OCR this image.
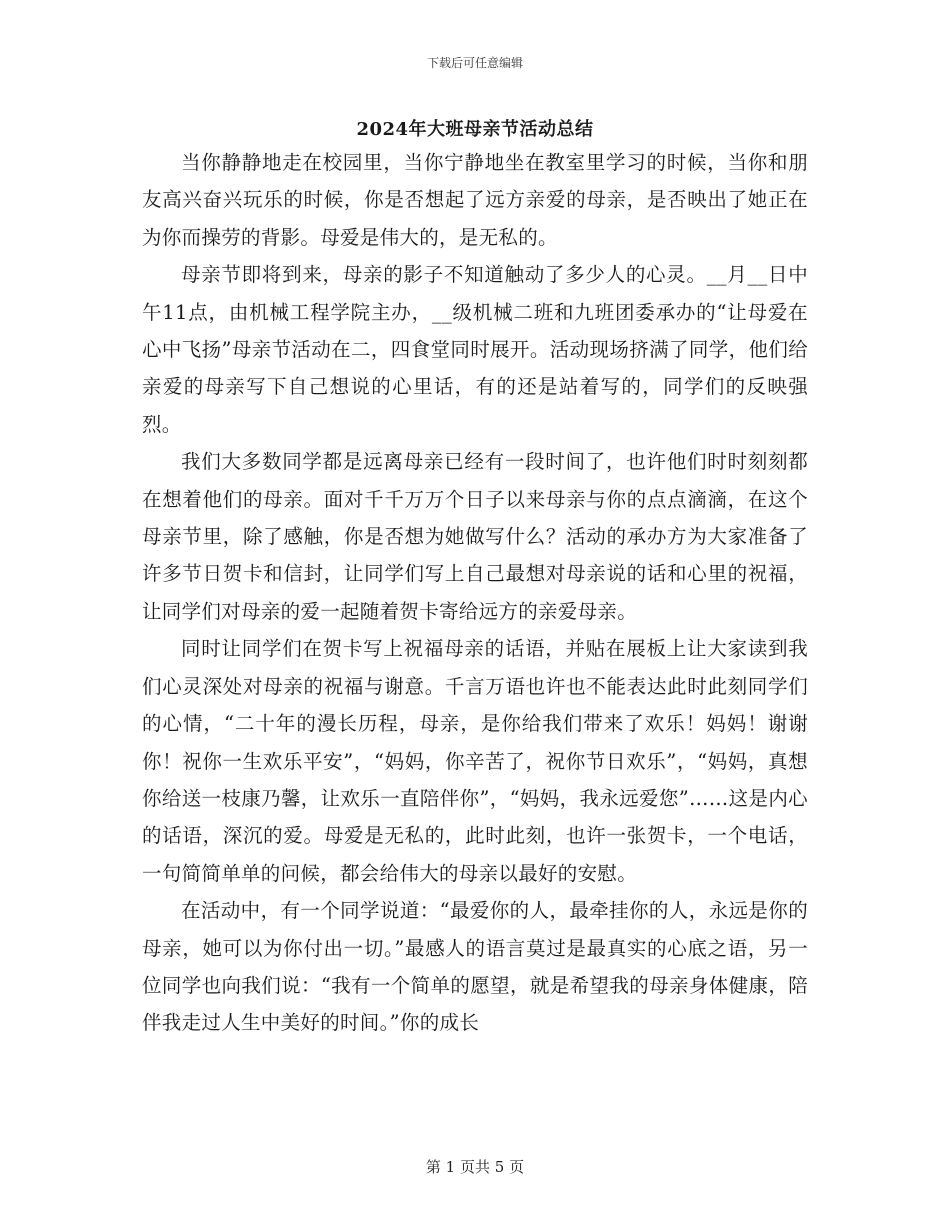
下载后可任意编辑
2024年大班母亲节活动总结

当你静静地走在校园里，当你宁静地坐在教室里学习的时候，当你和朋友高兴奋兴玩乐的时候，你是否想起了远方亲爱的母亲，是否映出了她正在为你而操劳的背影。母爱是伟大的，是无私的。

母亲节即将到来，母亲的影子不知道触动了多少人的心灵。__月__日中午11点，由机械工程学院主办，__级机械二班和九班团委承办的“让母爱在心中飞扬”母亲节活动在二，四食堂同时展开。活动现场挤满了同学，他们给亲爱的母亲写下自己想说的心里话，有的还是站着写的，同学们的反映强烈。

我们大多数同学都是远离母亲已经有一段时间了，也许他们时时刻刻都在想着他们的母亲。面对千千万万个日子以来母亲与你的点点滴滴，在这个母亲节里，除了感触，你是否想为她做写什么？活动的承办方为大家准备了许多节日贺卡和信封，让同学们写上自己最想对母亲说的话和心里的祝福，让同学们对母亲的爱一起随着贺卡寄给远方的亲爱母亲。

同时让同学们在贺卡写上祝福母亲的话语，并贴在展板上让大家读到我们心灵深处对母亲的祝福与谢意。千言万语也许也不能表达此时此刻同学们的心情，“二十年的漫长历程，母亲，是你给我们带来了欢乐！妈妈！谢谢你！祝你一生欢乐平安”，“妈妈，你辛苦了，祝你节日欢乐”，“妈妈，真想你给送一枝康乃馨，让欢乐一直陪伴你”，“妈妈，我永远爱您”……这是内心的话语，深沉的爱。母爱是无私的，此时此刻，也许一张贺卡，一个电话，一句简简单单的问候，都会给伟大的母亲以最好的安慰。

在活动中，有一个同学说道：“最爱你的人，最牵挂你的人，永远是你的母亲，她可以为你付出一切。”最感人的语言莫过是最真实的心底之语，另一位同学也向我们说：“我有一个简单的愿望，就是希望我的母亲身体健康，陪伴我走过人生中美好的时间。”你的成长

第 1 页共 5 页
